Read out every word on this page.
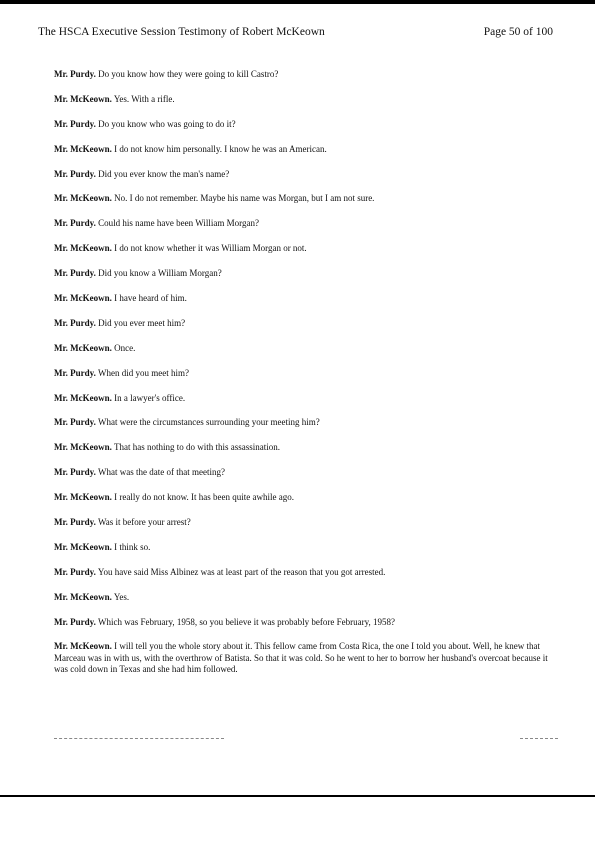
The HSCA Executive Session Testimony of Robert McKeown	Page 50 of 100

Mr. Purdy. Do you know how they were going to kill Castro?

Mr. McKeown. Yes. With a rifle.

Mr. Purdy. Do you know who was going to do it?

Mr. McKeown. I do not know him personally. I know he was an American.

Mr. Purdy. Did you ever know the man's name?

Mr. McKeown. No. I do not remember. Maybe his name was Morgan, but I am not sure.

Mr. Purdy. Could his name have been William Morgan?

Mr. McKeown. I do not know whether it was William Morgan or not.

Mr. Purdy. Did you know a William Morgan?

Mr. McKeown. I have heard of him.

Mr. Purdy. Did you ever meet him?

Mr. McKeown. Once.

Mr. Purdy. When did you meet him?

Mr. McKeown. In a lawyer's office.

Mr. Purdy. What were the circumstances surrounding your meeting him?

Mr. McKeown. That has nothing to do with this assassination.

Mr. Purdy. What was the date of that meeting?

Mr. McKeown. I really do not know. It has been quite awhile ago.

Mr. Purdy. Was it before your arrest?

Mr. McKeown. I think so.

Mr. Purdy. You have said Miss Albinez was at least part of the reason that you got arrested.

Mr. McKeown. Yes.

Mr. Purdy. Which was February, 1958, so you believe it was probably before February, 1958?

Mr. McKeown. I will tell you the whole story about it. This fellow came from Costa Rica, the one I told you about. Well, he knew that Marceau was in with us, with the overthrow of Batista. So that it was cold. So he went to her to borrow her husband's overcoat because it was cold down in Texas and she had him followed.
